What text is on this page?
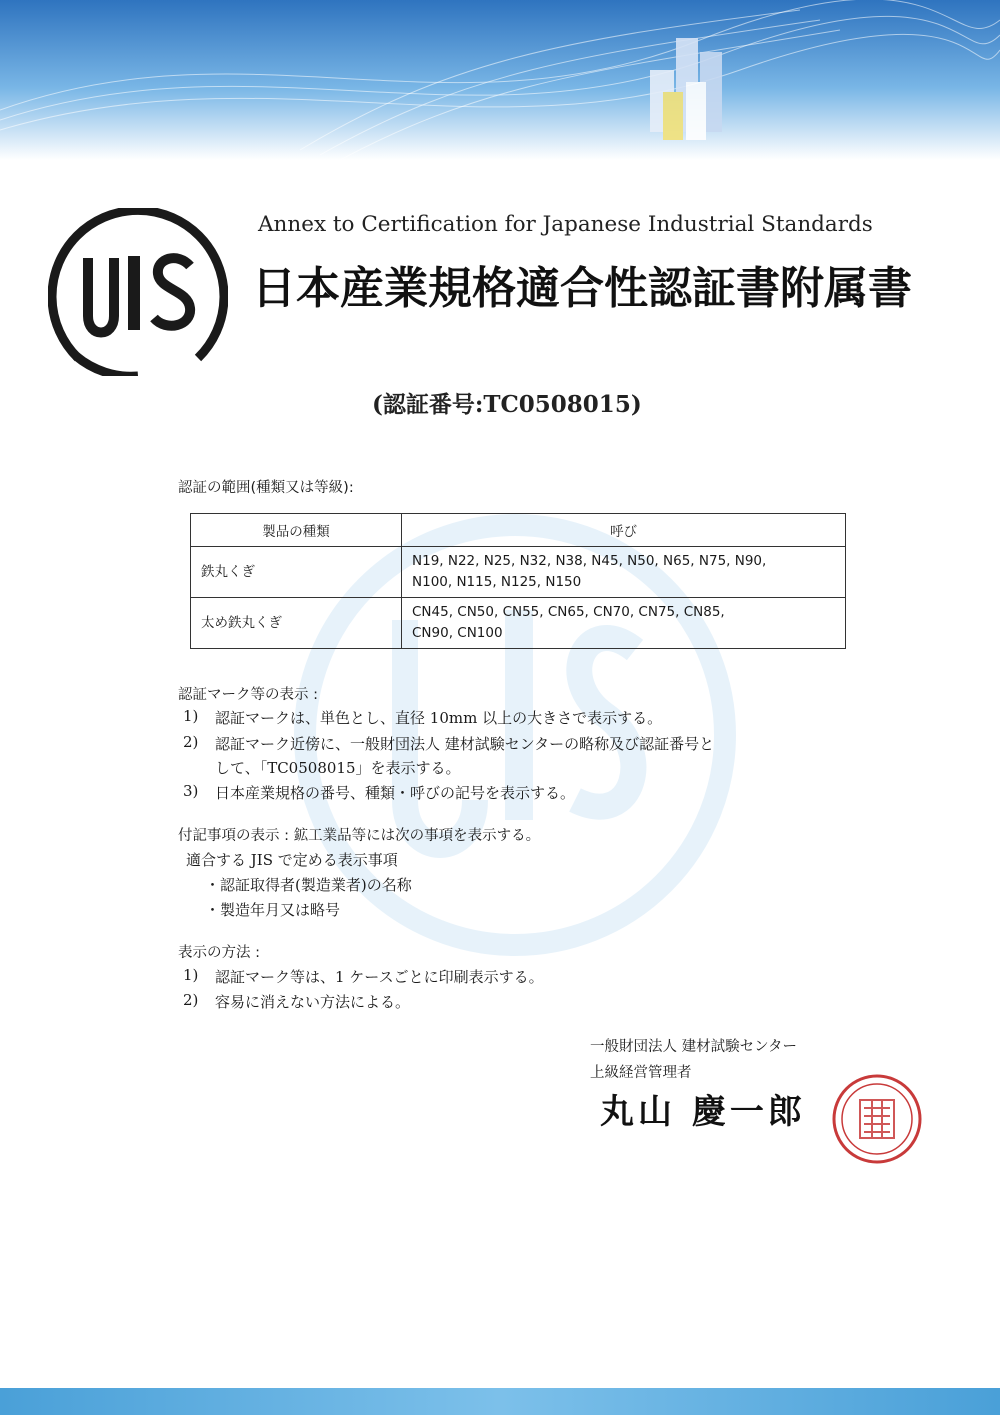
Annex to Certification for Japanese Industrial Standards
日本産業規格適合性認証書附属書
(認証番号:TC0508015)
認証の範囲(種類又は等級):
製品の種類	呼び
鉄丸くぎ	N19, N22, N25, N32, N38, N45, N50, N65, N75, N90,
N100, N115, N125, N150

太め鉄丸くぎ	CN45, CN50, CN55, CN65, CN70, CN75, CN85,
CN90, CN100
認証マーク等の表示 :
1) 認証マークは、単色とし、直径 10mm 以上の大きさで表示する。
2) 認証マーク近傍に、一般財団法人 建材試験センターの略称及び認証番号と
して、「TC0508015」を表示する。
3) 日本産業規格の番号、種類・呼びの記号を表示する。
付記事項の表示 : 鉱工業品等には次の事項を表示する。
適合する JIS で定める表示事項
・認証取得者(製造業者)の名称
・製造年月又は略号
表示の方法 :
1) 認証マーク等は、1 ケースごとに印刷表示する。
2) 容易に消えない方法による。
一般財団法人 建材試験センター
上級経営管理者
丸山 慶一郎
